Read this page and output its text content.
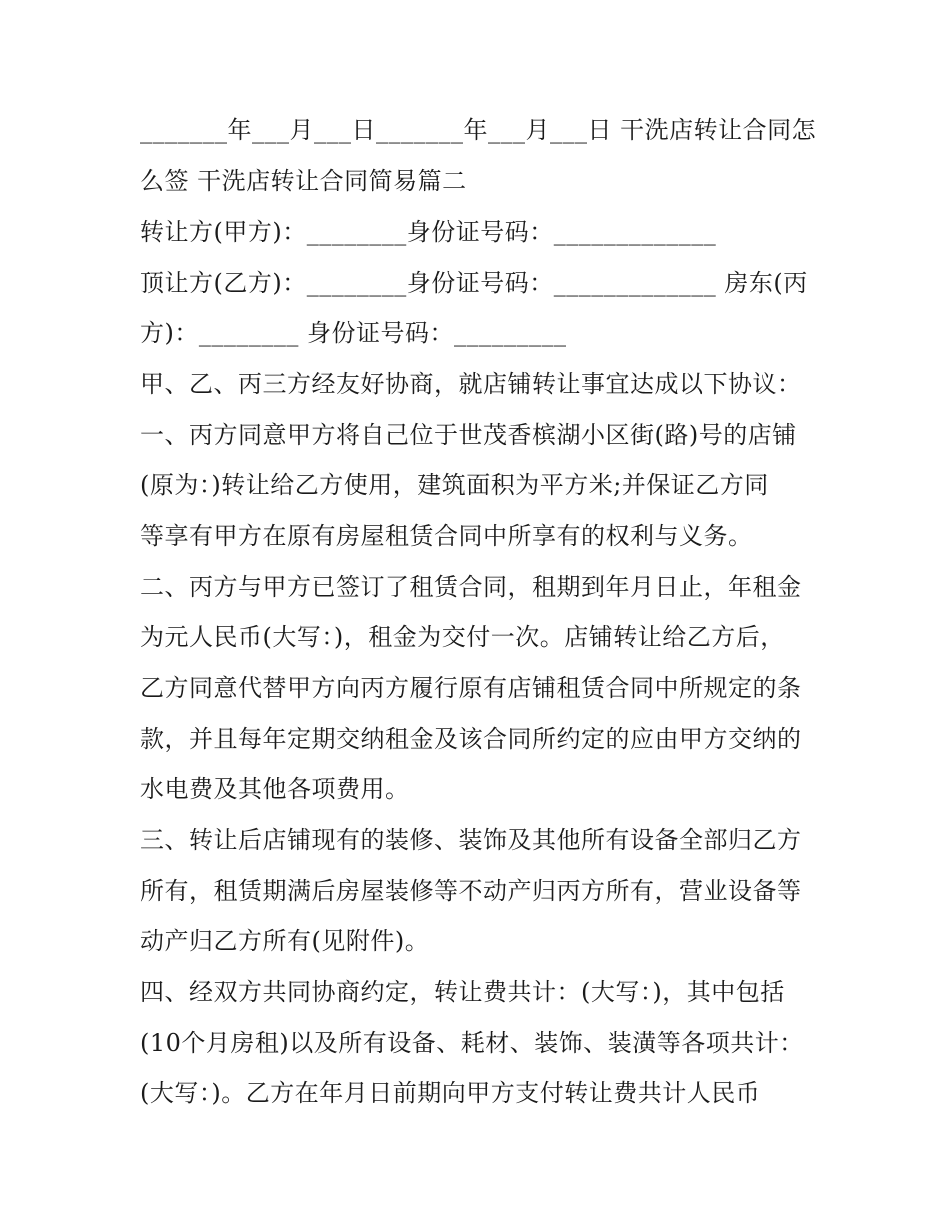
_______年___月___日_______年___月___日 干洗店转让合同怎
么签 干洗店转让合同简易篇二
转让方(甲方)：________身份证号码：_____________
顶让方(乙方)：________身份证号码：_____________ 房东(丙
方)：________ 身份证号码：_________
甲、乙、丙三方经友好协商，就店铺转让事宜达成以下协议：
一、丙方同意甲方将自己位于世茂香槟湖小区街(路)号的店铺
(原为：)转让给乙方使用，建筑面积为平方米;并保证乙方同
等享有甲方在原有房屋租赁合同中所享有的权利与义务。
二、丙方与甲方已签订了租赁合同，租期到年月日止，年租金
为元人民币(大写：)，租金为交付一次。店铺转让给乙方后，
乙方同意代替甲方向丙方履行原有店铺租赁合同中所规定的条
款，并且每年定期交纳租金及该合同所约定的应由甲方交纳的
水电费及其他各项费用。
三、转让后店铺现有的装修、装饰及其他所有设备全部归乙方
所有，租赁期满后房屋装修等不动产归丙方所有，营业设备等
动产归乙方所有(见附件)。
四、经双方共同协商约定，转让费共计：(大写：)，其中包括
(10个月房租)以及所有设备、耗材、装饰、装潢等各项共计：
(大写：)。乙方在年月日前期向甲方支付转让费共计人民币
